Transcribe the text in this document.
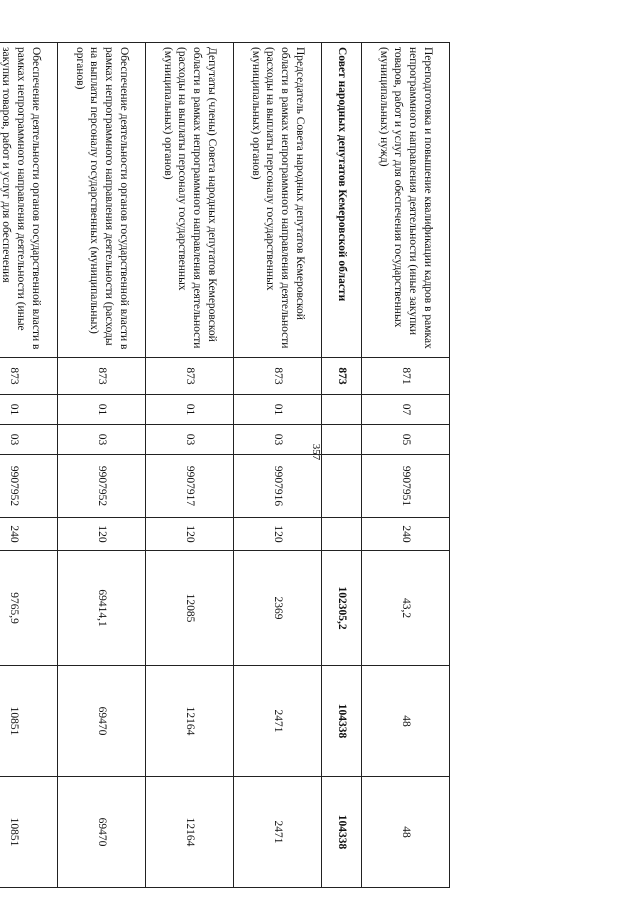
357
Переподготовка и повышение квалификации кадров в рамках непрограммного направления деятельности (иные закупки товаров, работ и услуг для обеспечения государственных (муниципальных) нужд)	871	07	05	9907951	240	43,2	48	48
Совет народных депутатов Кемеровской области	873					102305,2	104338	104338
Председатель Совета народных депутатов Кемеровской области в рамках непрограммного направления деятельности (расходы на выплаты персоналу государственных (муниципальных) органов)	873	01	03	9907916	120	2369	2471	2471
Депутаты (члены) Совета народных депутатов Кемеровской области в рамках непрограммного направления деятельности (расходы на выплаты персоналу государственных (муниципальных) органов)	873	01	03	9907917	120	12085	12164	12164
Обеспечение деятельности органов государственной власти в рамках непрограммного направления деятельности (расходы на выплаты персоналу государственных (муниципальных) органов)	873	01	03	9907952	120	69414,1	69470	69470
Обеспечение деятельности органов государственной власти в рамках непрограммного направления деятельности (иные закупки товаров, работ и услуг для обеспечения	873	01	03	9907952	240	9765,9	10851	10851
